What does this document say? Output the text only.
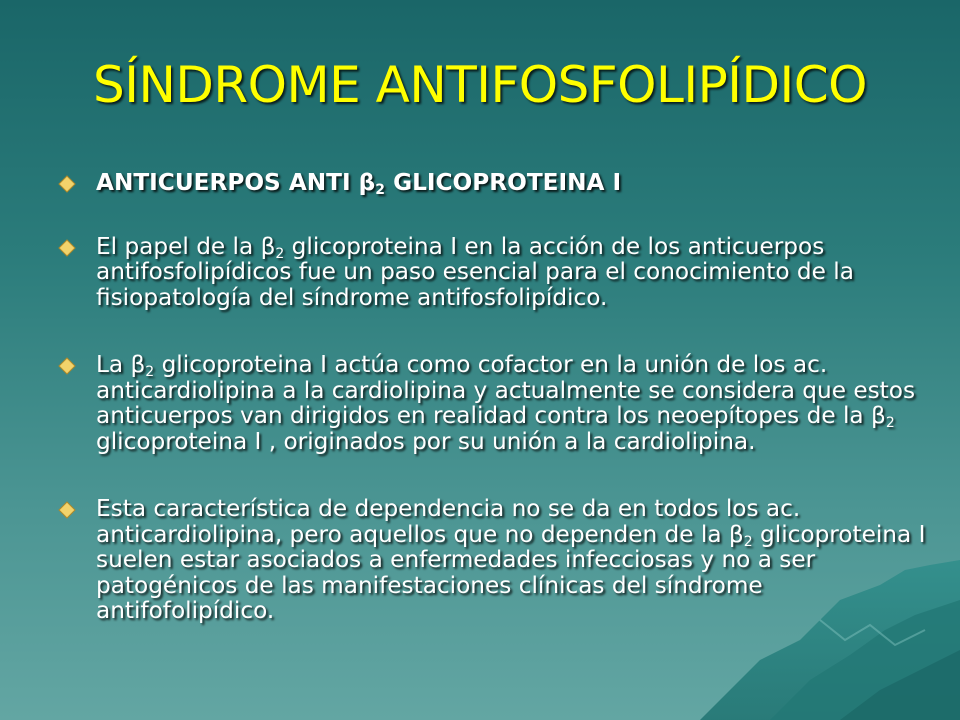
SÍNDROME ANTIFOSFOLIPÍDICO
ANTICUERPOS ANTI $\beta_2$ GLICOPROTEINA I
El papel de la $\beta_2$ glicoproteina I en la acción de los anticuerpos antifosfolipídicos fue un paso esencial para el conocimiento de la fisiopatología del síndrome antifosfolipídico.
La $\beta_2$ glicoproteina I actúa como cofactor en la unión de los ac. anticardiolipina a la cardiolipina y actualmente se considera que estos anticuerpos van dirigidos en realidad contra los neoepítopes de la $\beta_2$ glicoproteina I , originados por su unión a la cardiolipina.
Esta característica de dependencia no se da en todos los ac. anticardiolipina, pero aquellos que no dependen de la $\beta_2$ glicoproteina I suelen estar asociados a enfermedades infecciosas y no a ser patogénicos de las manifestaciones clínicas del síndrome antifofolipídico.
